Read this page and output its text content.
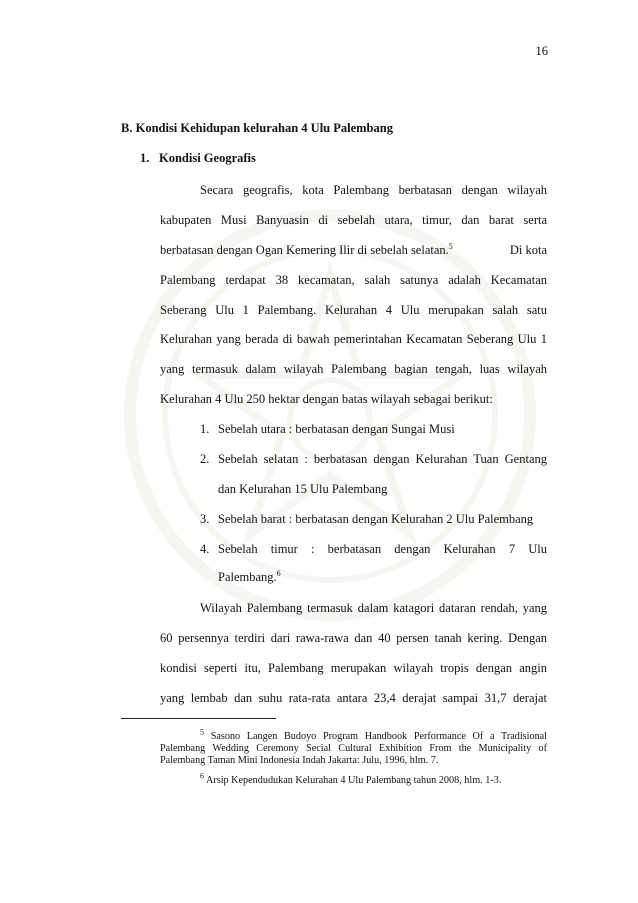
16
B. Kondisi Kehidupan kelurahan 4 Ulu Palembang
1. Kondisi Geografis
Secara geografis, kota Palembang berbatasan dengan wilayah
kabupaten Musi Banyuasin di sebelah utara, timur, dan barat serta
berbatasan dengan Ogan Kemering Ilir di sebelah selatan.$^5$	Di kota
Palembang terdapat 38 kecamatan, salah satunya adalah Kecamatan
Seberang Ulu 1 Palembang. Kelurahan 4 Ulu merupakan salah satu
Kelurahan yang berada di bawah pemerintahan Kecamatan Seberang Ulu 1
yang termasuk dalam wilayah Palembang bagian tengah, luas wilayah
Kelurahan 4 Ulu 250 hektar dengan batas wilayah sebagai berikut:
1. Sebelah utara : berbatasan dengan Sungai Musi
2. Sebelah selatan : berbatasan dengan Kelurahan Tuan Gentang
dan Kelurahan 15 Ulu Palembang
3. Sebelah barat : berbatasan dengan Kelurahan 2 Ulu Palembang
4. Sebelah timur : berbatasan dengan Kelurahan 7 Ulu
Palembang.$^6$
Wilayah Palembang termasuk dalam katagori dataran rendah, yang
60 persennya terdiri dari rawa-rawa dan 40 persen tanah kering. Dengan
kondisi seperti itu, Palembang merupakan wilayah tropis dengan angin
yang lembab dan suhu rata-rata antara 23,4 derajat sampai 31,7 derajat
$^5$ Sasono Langen Budoyo Program Handbook Performance Of a Tradisional
Palembang Wedding Ceremony Secial Cultural Exhibition From the Municipality of
Palembang Taman Mini Indonesia Indah Jakarta: Julu, 1996, hlm. 7.
$^6$ Arsip Kependudukan Kelurahan 4 Ulu Palembang tahun 2008, hlm. 1-3.
